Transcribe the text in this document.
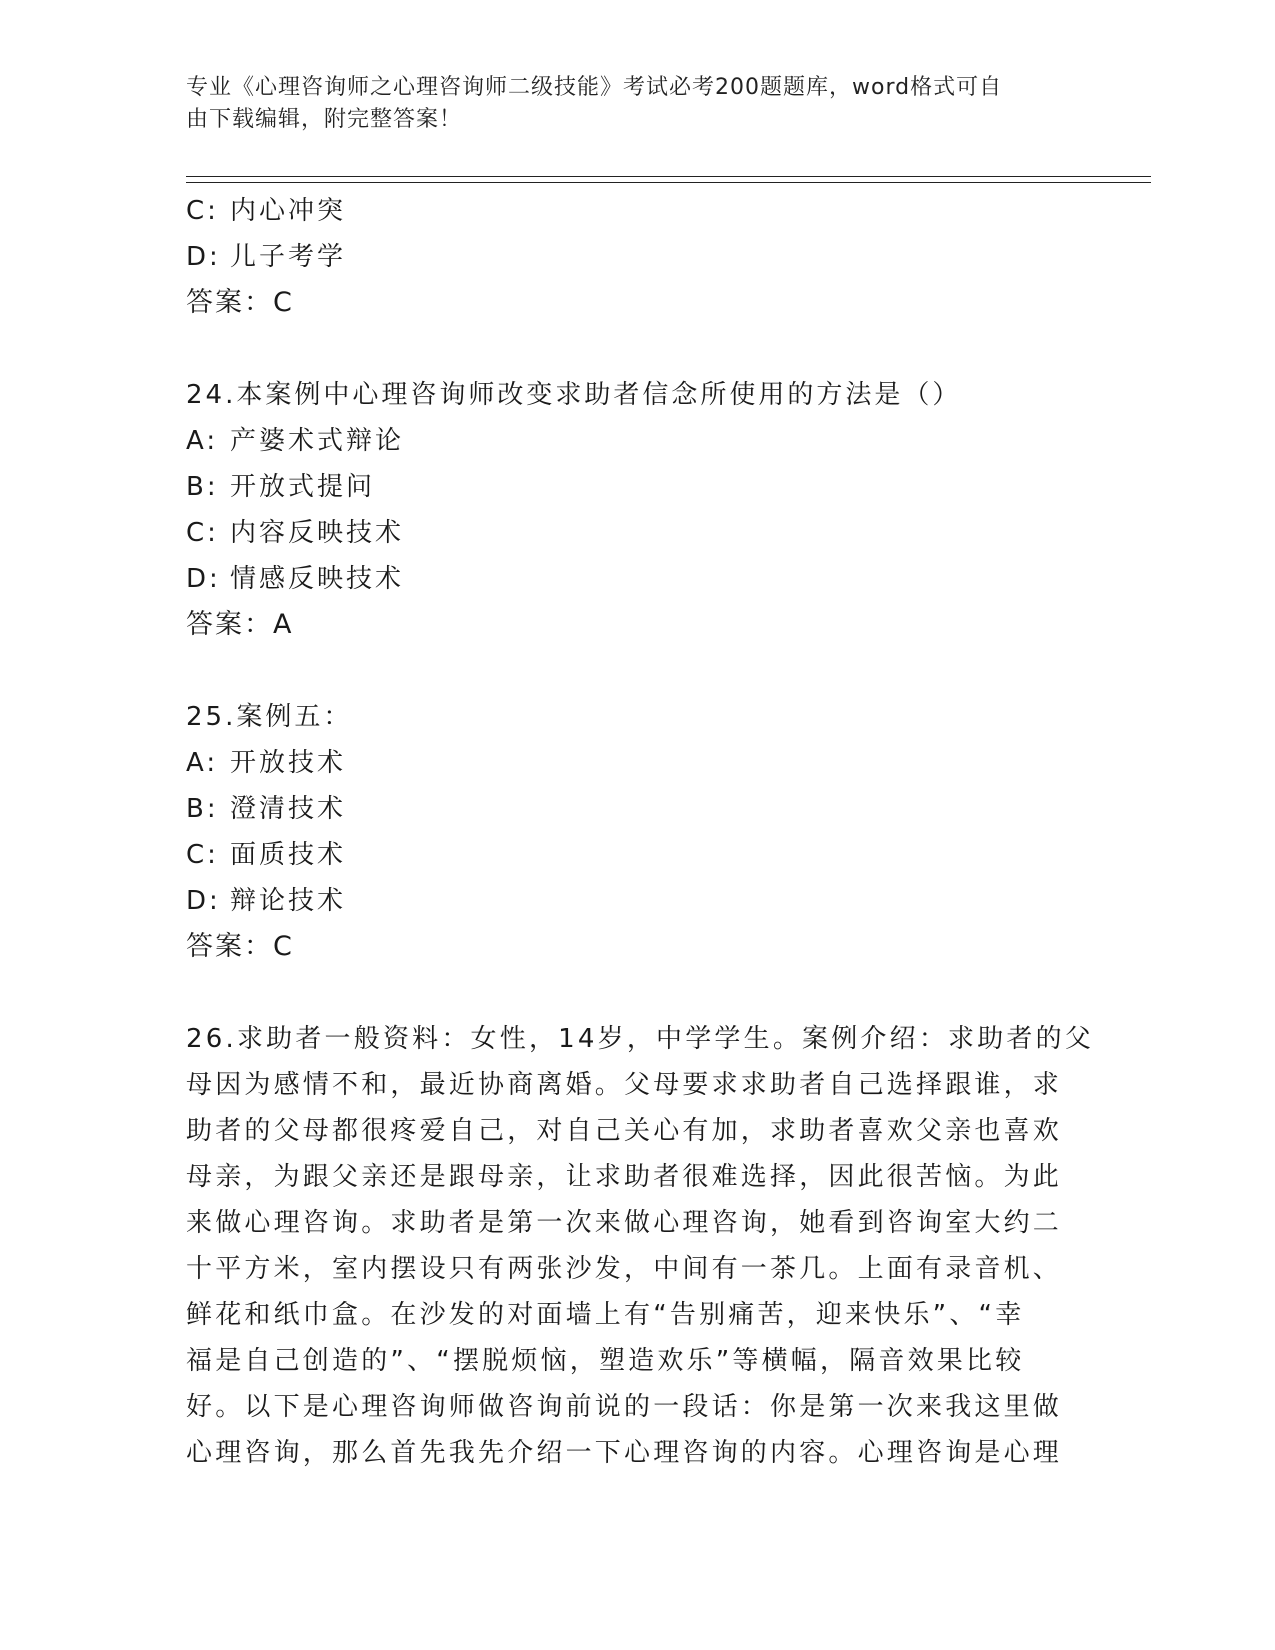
专业《心理咨询师之心理咨询师二级技能》考试必考200题题库，word格式可自
由下载编辑，附完整答案！
C: 内心冲突
D: 儿子考学
答案：C
24.本案例中心理咨询师改变求助者信念所使用的方法是（）
A: 产婆术式辩论
B: 开放式提问
C: 内容反映技术
D: 情感反映技术
答案：A
25.案例五：
A: 开放技术
B: 澄清技术
C: 面质技术
D: 辩论技术
答案：C
26.求助者一般资料：女性，14岁，中学学生。案例介绍：求助者的父
母因为感情不和，最近协商离婚。父母要求求助者自己选择跟谁，求
助者的父母都很疼爱自己，对自己关心有加，求助者喜欢父亲也喜欢
母亲，为跟父亲还是跟母亲，让求助者很难选择，因此很苦恼。为此
来做心理咨询。求助者是第一次来做心理咨询，她看到咨询室大约二
十平方米，室内摆设只有两张沙发，中间有一茶几。上面有录音机、
鲜花和纸巾盒。在沙发的对面墙上有“告别痛苦，迎来快乐”、“幸
福是自己创造的”、“摆脱烦恼，塑造欢乐”等横幅，隔音效果比较
好。以下是心理咨询师做咨询前说的一段话：你是第一次来我这里做
心理咨询，那么首先我先介绍一下心理咨询的内容。心理咨询是心理
